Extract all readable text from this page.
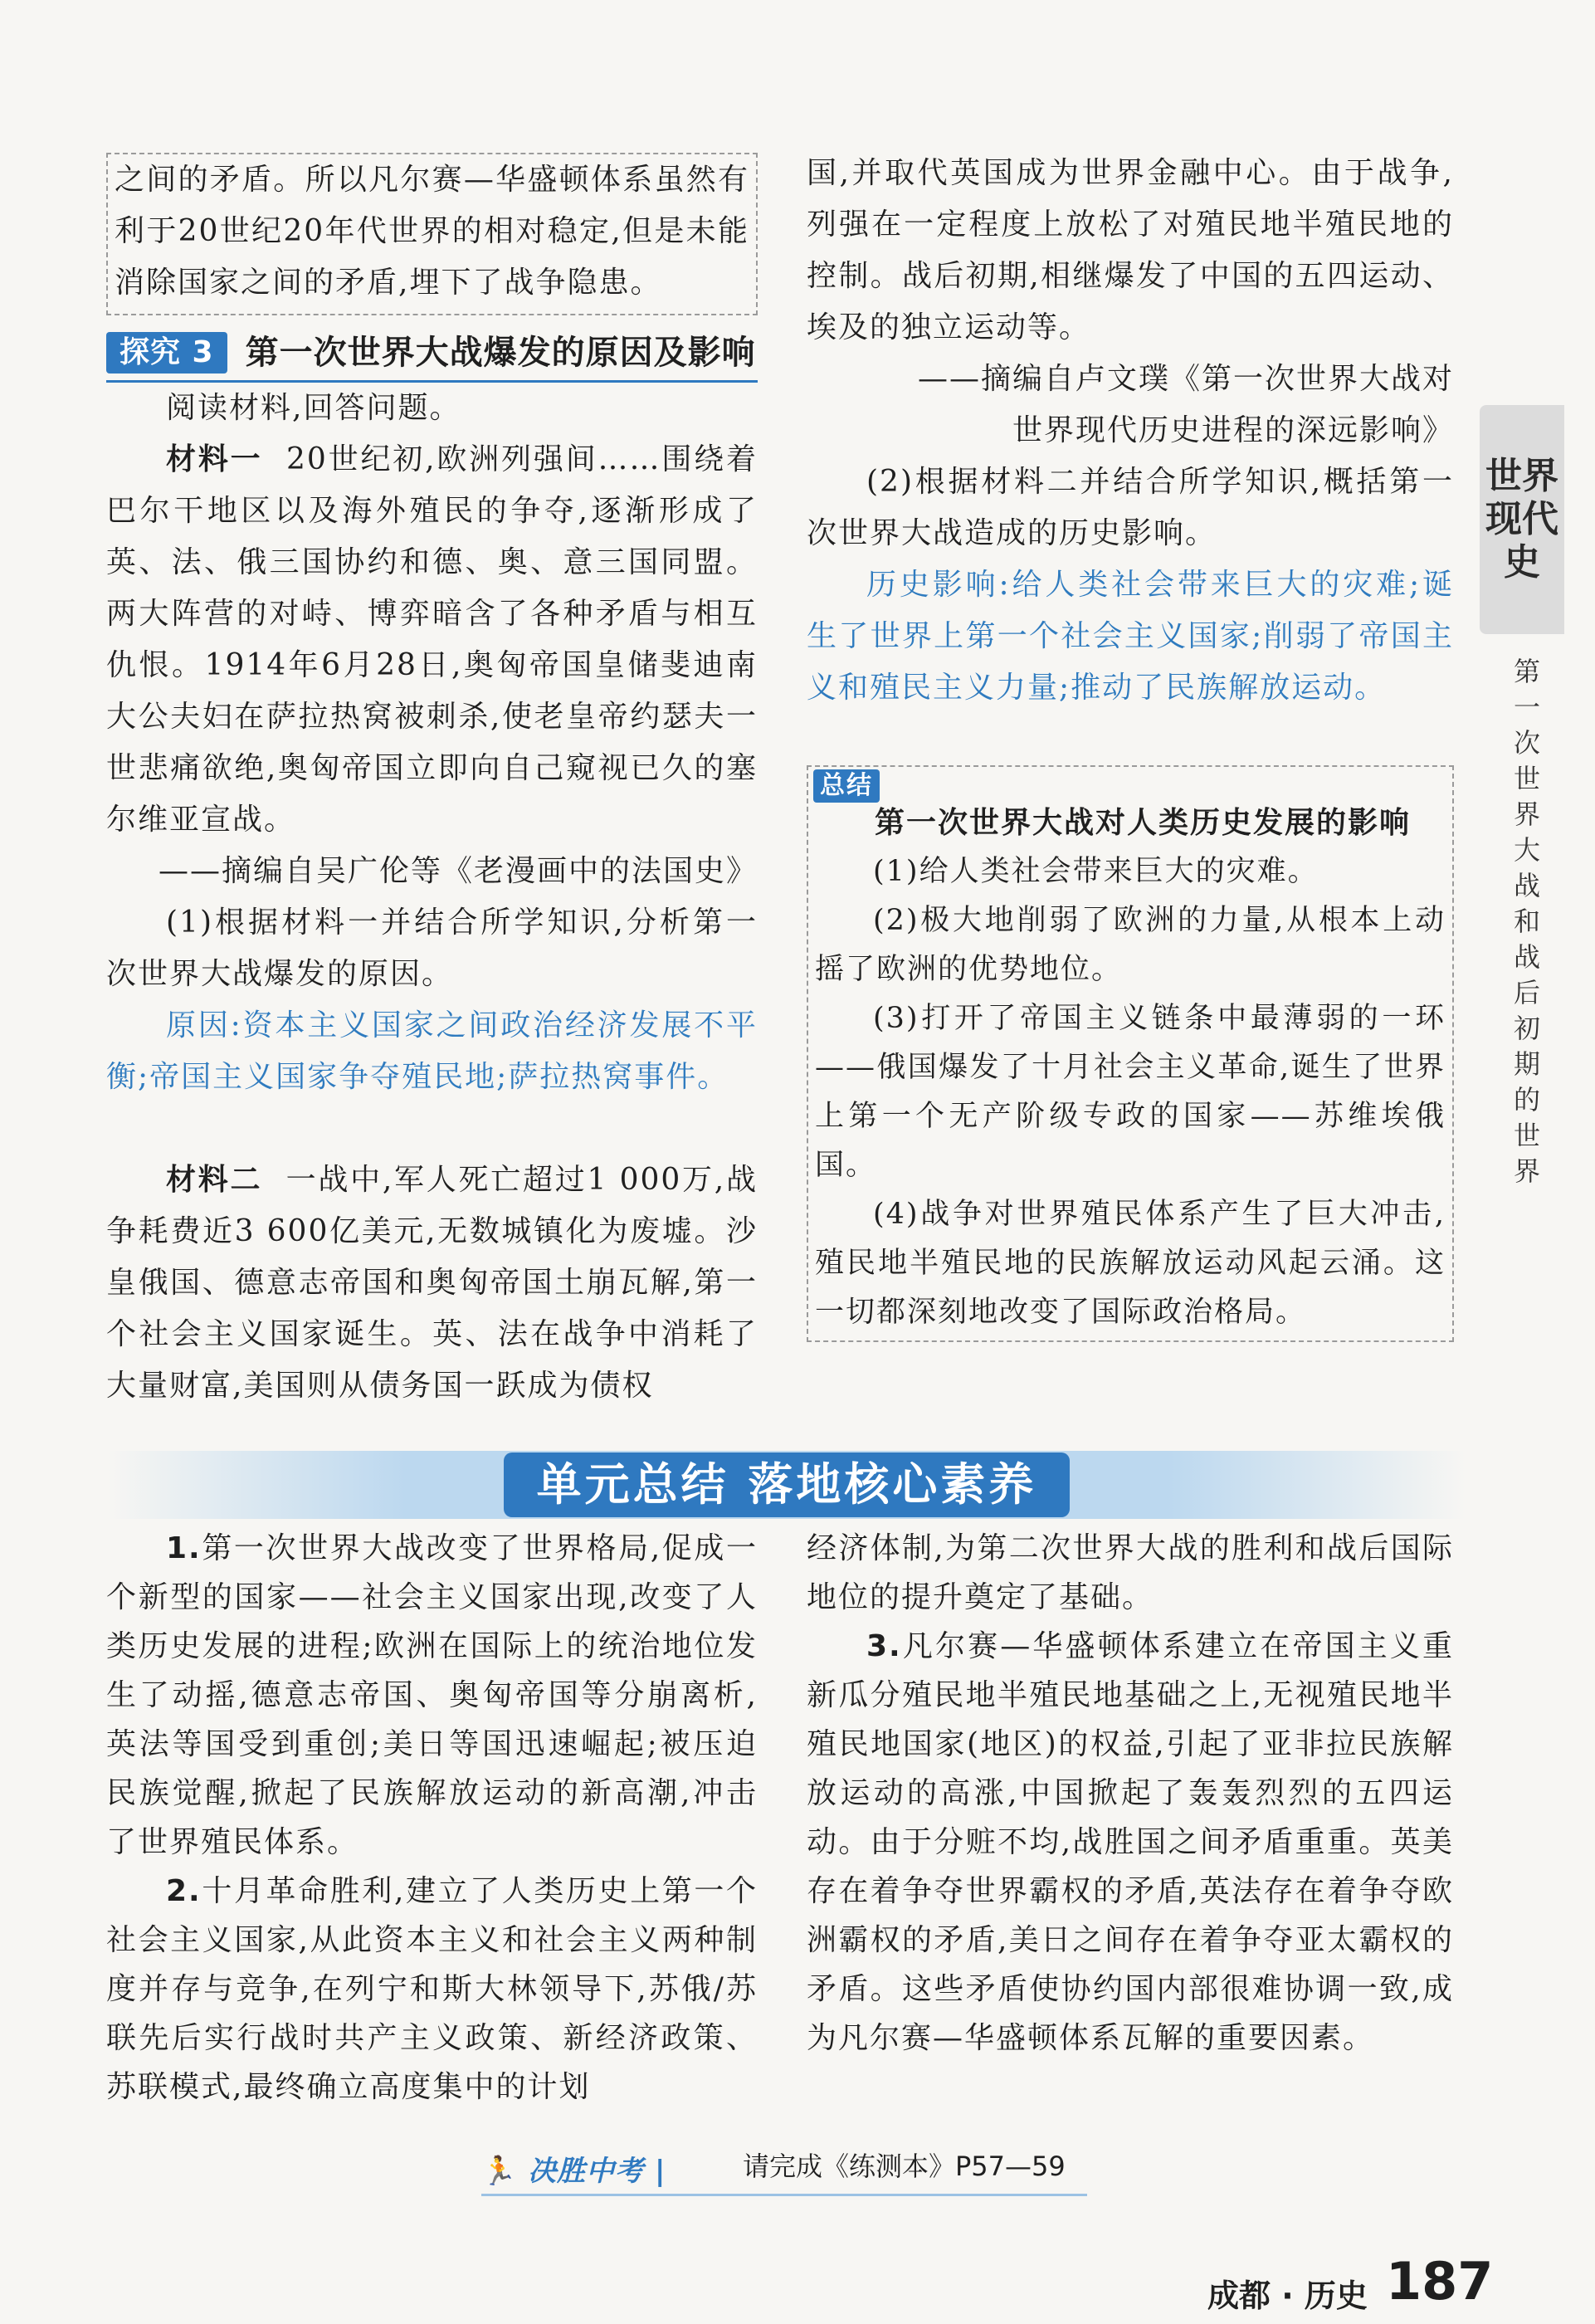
之间的矛盾。所以凡尔赛—华盛顿体系虽然有利于20世纪20年代世界的相对稳定,但是未能消除国家之间的矛盾,埋下了战争隐患。

探究 3 第一次世界大战爆发的原因及影响

阅读材料,回答问题。

材料一 20世纪初,欧洲列强间……围绕着巴尔干地区以及海外殖民的争夺,逐渐形成了英、法、俄三国协约和德、奥、意三国同盟。两大阵营的对峙、博弈暗含了各种矛盾与相互仇恨。1914年6月28日,奥匈帝国皇储斐迪南大公夫妇在萨拉热窝被刺杀,使老皇帝约瑟夫一世悲痛欲绝,奥匈帝国立即向自己窥视已久的塞尔维亚宣战。

——摘编自吴广伦等《老漫画中的法国史》

(1)根据材料一并结合所学知识,分析第一次世界大战爆发的原因。

原因:资本主义国家之间政治经济发展不平衡;帝国主义国家争夺殖民地;萨拉热窝事件。

材料二 一战中,军人死亡超过1 000万,战争耗费近3 600亿美元,无数城镇化为废墟。沙皇俄国、德意志帝国和奥匈帝国土崩瓦解,第一个社会主义国家诞生。英、法在战争中消耗了大量财富,美国则从债务国一跃成为债权

国,并取代英国成为世界金融中心。由于战争,列强在一定程度上放松了对殖民地半殖民地的控制。战后初期,相继爆发了中国的五四运动、埃及的独立运动等。

——摘编自卢文璞《第一次世界大战对

世界现代历史进程的深远影响》

(2)根据材料二并结合所学知识,概括第一次世界大战造成的历史影响。

历史影响:给人类社会带来巨大的灾难;诞生了世界上第一个社会主义国家;削弱了帝国主义和殖民主义力量;推动了民族解放运动。

总结

第一次世界大战对人类历史发展的影响

(1)给人类社会带来巨大的灾难。

(2)极大地削弱了欧洲的力量,从根本上动摇了欧洲的优势地位。

(3)打开了帝国主义链条中最薄弱的一环——俄国爆发了十月社会主义革命,诞生了世界上第一个无产阶级专政的国家——苏维埃俄国。

(4)战争对世界殖民体系产生了巨大冲击,殖民地半殖民地的民族解放运动风起云涌。这一切都深刻地改变了国际政治格局。

世界现代史
第一次世界大战和战后初期的世界
单元总结 落地核心素养

1.第一次世界大战改变了世界格局,促成一个新型的国家——社会主义国家出现,改变了人类历史发展的进程;欧洲在国际上的统治地位发生了动摇,德意志帝国、奥匈帝国等分崩离析,英法等国受到重创;美日等国迅速崛起;被压迫民族觉醒,掀起了民族解放运动的新高潮,冲击了世界殖民体系。

2.十月革命胜利,建立了人类历史上第一个社会主义国家,从此资本主义和社会主义两种制度并存与竞争,在列宁和斯大林领导下,苏俄/苏联先后实行战时共产主义政策、新经济政策、苏联模式,最终确立高度集中的计划

经济体制,为第二次世界大战的胜利和战后国际地位的提升奠定了基础。

3.凡尔赛—华盛顿体系建立在帝国主义重新瓜分殖民地半殖民地基础之上,无视殖民地半殖民地国家(地区)的权益,引起了亚非拉民族解放运动的高涨,中国掀起了轰轰烈烈的五四运动。由于分赃不均,战胜国之间矛盾重重。英美存在着争夺世界霸权的矛盾,英法存在着争夺欧洲霸权的矛盾,美日之间存在着争夺亚太霸权的矛盾。这些矛盾使协约国内部很难协调一致,成为凡尔赛—华盛顿体系瓦解的重要因素。

🏃 决胜中考 |	请完成《练测本》P57—59
成都 · 历史 187
